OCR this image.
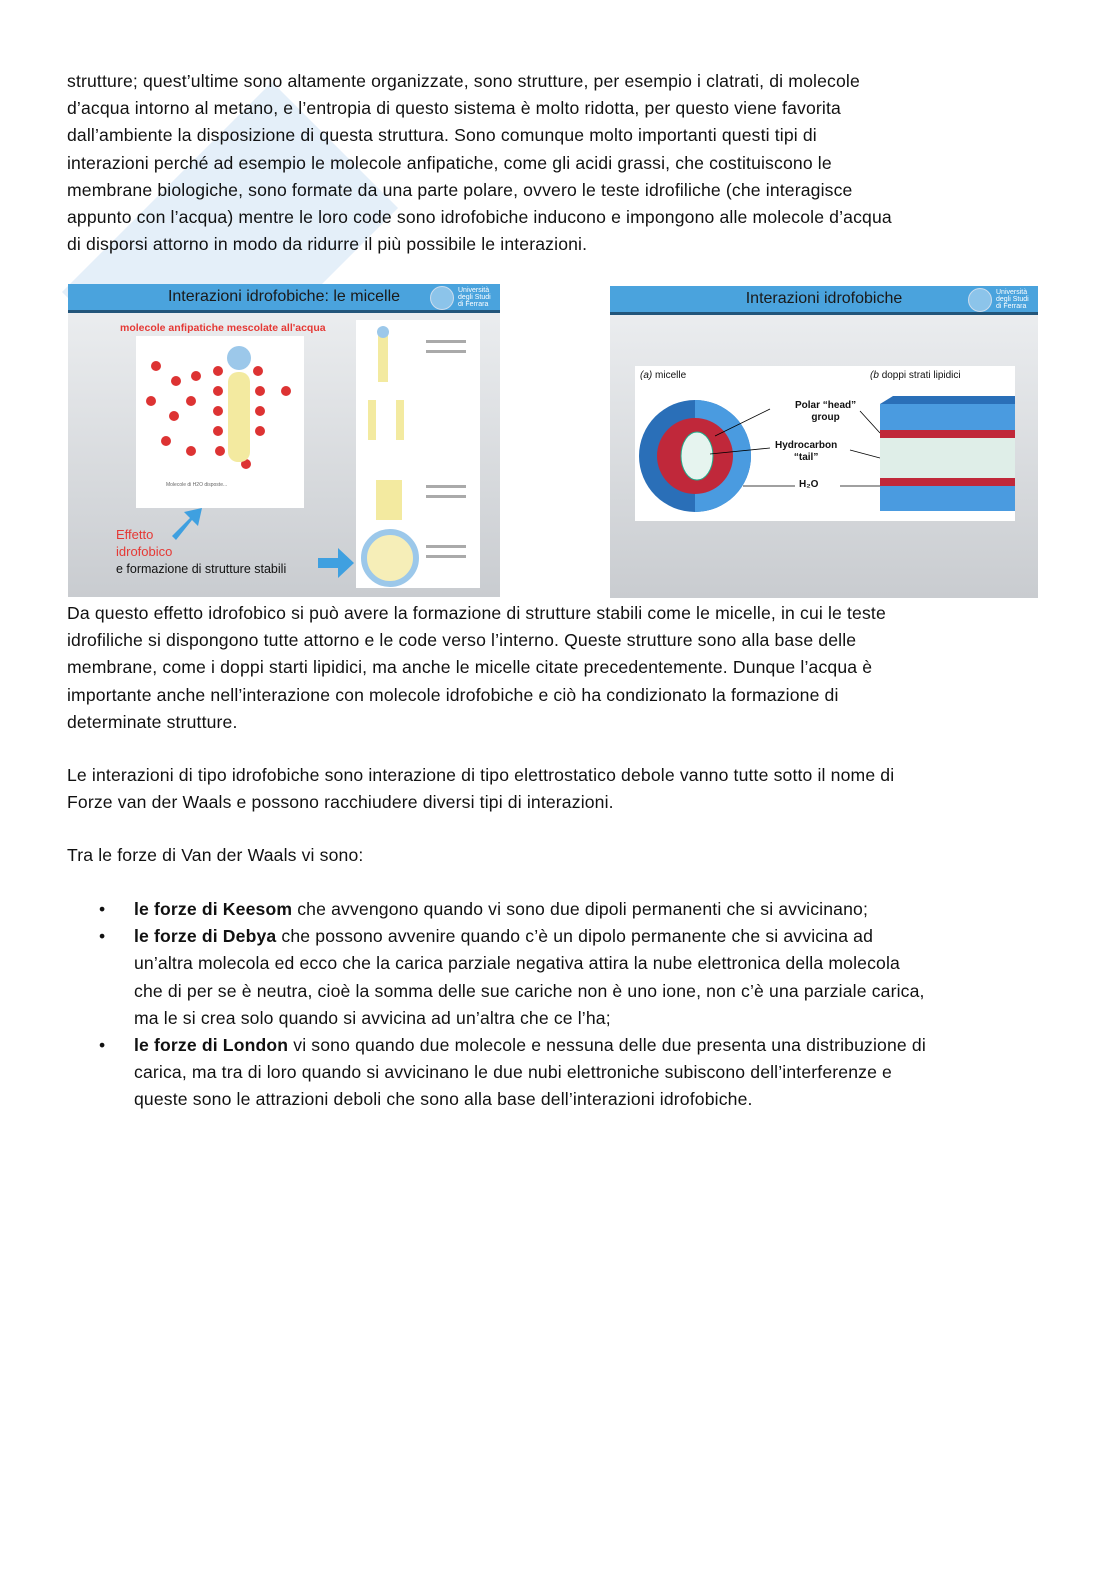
strutture; quest’ultime sono altamente organizzate, sono strutture, per esempio i clatrati, di molecole
d’acqua intorno al metano, e l’entropia di questo sistema è molto ridotta, per questo viene favorita
dall’ambiente la disposizione di questa struttura. Sono comunque molto importanti questi tipi di
interazioni perché ad esempio le molecole anfipatiche, come gli acidi grassi, che costituiscono le
membrane biologiche, sono formate da una parte polare, ovvero le teste idrofiliche (che interagisce
appunto con l’acqua) mentre le loro code sono idrofobiche inducono e impongono alle molecole d’acqua
di disporsi attorno in modo da ridurre il più possibile le interazioni.
Interazioni idrofobiche: le micelle	Università degli Studi di Ferrara
molecole anfipatiche mescolate all'acqua
Molecole di H2O disposte...
Effetto
idrofobico
e formazione di strutture stabili
Interazioni idrofobiche	Università degli Studi di Ferrara
(a) micelle	(b doppi strati lipidici
Polar “head”
group
Hydrocarbon
“tail”
H₂O
Da questo effetto idrofobico si può avere la formazione di strutture stabili come le micelle, in cui le teste
idrofiliche si dispongono tutte attorno e le code verso l’interno. Queste strutture sono alla base delle
membrane, come i doppi starti lipidici, ma anche le micelle citate precedentemente. Dunque l’acqua è
importante anche nell’interazione con molecole idrofobiche e ciò ha condizionato la formazione di
determinate strutture.
Le interazioni di tipo idrofobiche sono interazione di tipo elettrostatico debole vanno tutte sotto il nome di
Forze van der Waals e possono racchiudere diversi tipi di interazioni.
Tra le forze di Van der Waals vi sono:
• le forze di Keesom che avvengono quando vi sono due dipoli permanenti che si avvicinano;
• le forze di Debya che possono avvenire quando c’è un dipolo permanente che si avvicina ad
un’altra molecola ed ecco che la carica parziale negativa attira la nube elettronica della molecola
che di per se è neutra, cioè la somma delle sue cariche non è uno ione, non c’è una parziale carica,
ma le si crea solo quando si avvicina ad un’altra che ce l’ha;
• le forze di London vi sono quando due molecole e nessuna delle due presenta una distribuzione di
carica, ma tra di loro quando si avvicinano le due nubi elettroniche subiscono dell’interferenze e
queste sono le attrazioni deboli che sono alla base dell’interazioni idrofobiche.
